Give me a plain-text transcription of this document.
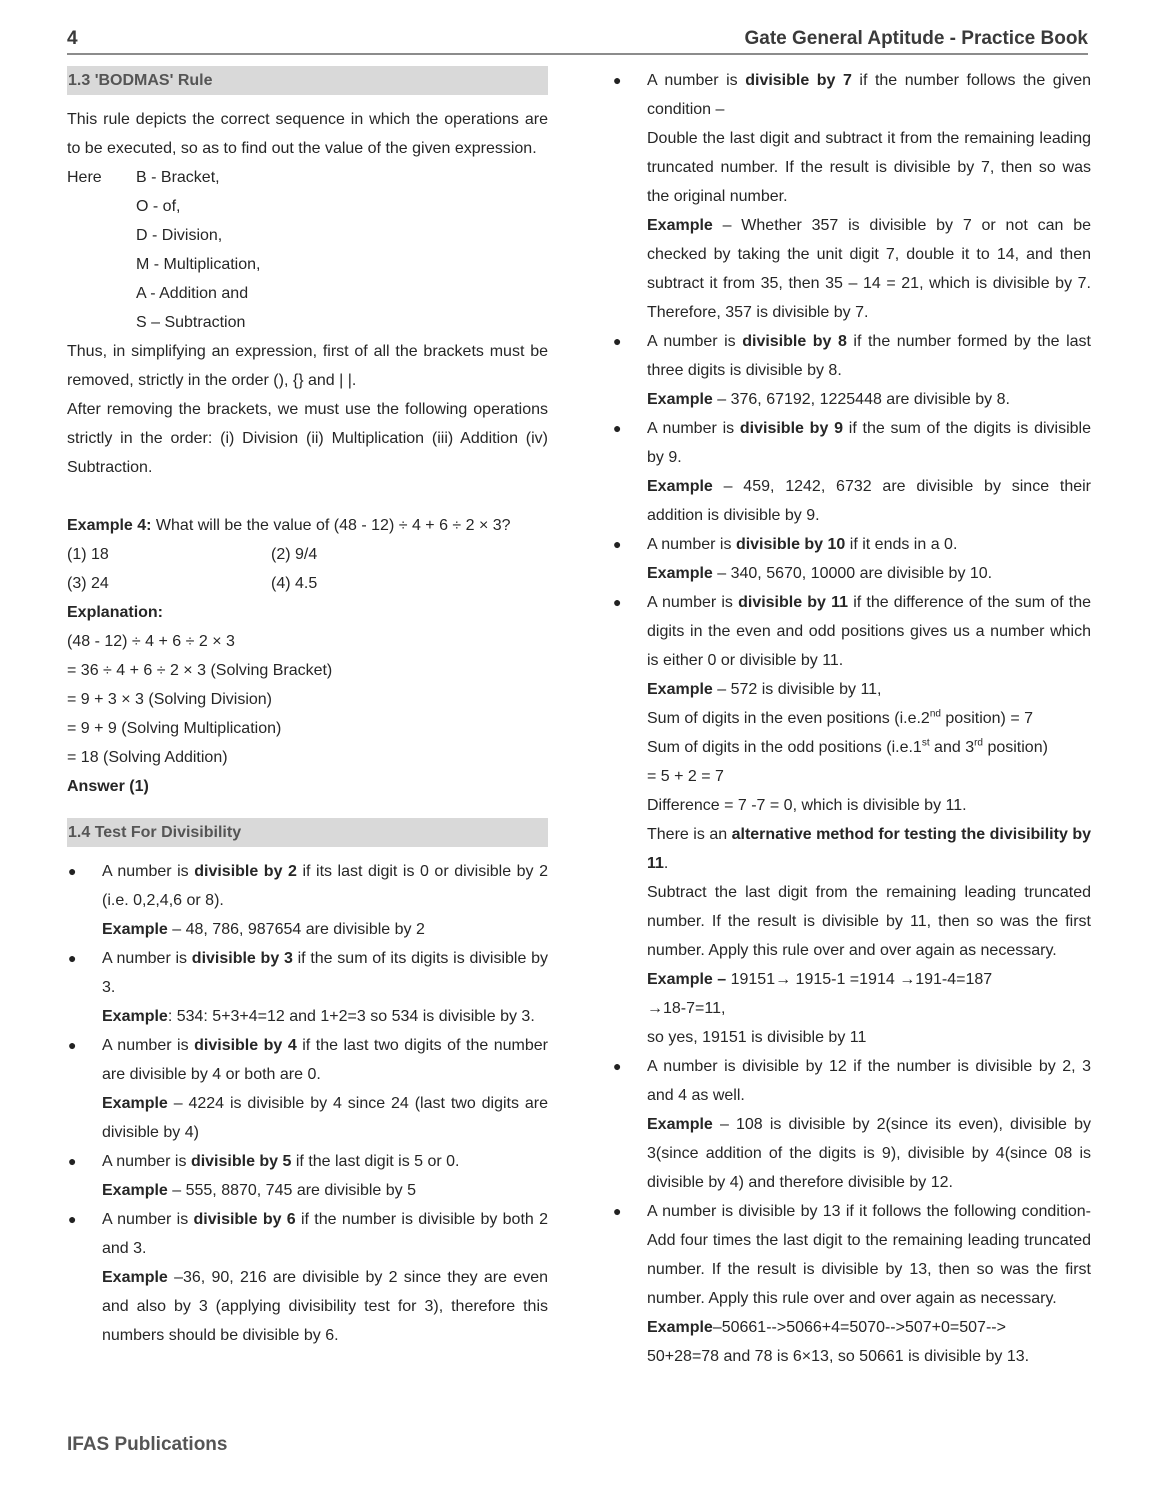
4	Gate General Aptitude - Practice Book
1.3 'BODMAS' Rule

This rule depicts the correct sequence in which the operations are to be executed, so as to find out the value of the given expression.

Here	B - Bracket,
O - of,
D - Division,
M - Multiplication,
A - Addition and
S – Subtraction

Thus, in simplifying an expression, first of all the brackets must be removed, strictly in the order (), {} and | |.

After removing the brackets, we must use the following operations strictly in the order: (i) Division (ii) Multiplication (iii) Addition (iv) Subtraction.

Example 4: What will be the value of (48 - 12) ÷ 4 + 6 ÷ 2 × 3?

(1) 18	(2) 9/4
(3) 24	(4) 4.5
Explanation:
(48 - 12) ÷ 4 + 6 ÷ 2 × 3
= 36 ÷ 4 + 6 ÷ 2 × 3 (Solving Bracket)
= 9 + 3 × 3 (Solving Division)
= 9 + 9 (Solving Multiplication)
= 18 (Solving Addition)
Answer (1)
1.4 Test For Divisibility
● A number is divisible by 2 if its last digit is 0 or divisible by 2 (i.e. 0,2,4,6 or 8).

Example – 48, 786, 987654 are divisible by 2

● A number is divisible by 3 if the sum of its digits is divisible by 3.

Example: 534: 5+3+4=12 and 1+2=3 so 534 is divisible by 3.

● A number is divisible by 4 if the last two digits of the number are divisible by 4 or both are 0.

Example – 4224 is divisible by 4 since 24 (last two digits are divisible by 4)

● A number is divisible by 5 if the last digit is 5 or 0.

Example – 555, 8870, 745 are divisible by 5

● A number is divisible by 6 if the number is divisible by both 2 and 3.

Example –36, 90, 216 are divisible by 2 since they are even and also by 3 (applying divisibility test for 3), therefore this numbers should be divisible by 6.

● A number is divisible by 7 if the number follows the given condition –

Double the last digit and subtract it from the remaining leading truncated number. If the result is divisible by 7, then so was the original number.

Example – Whether 357 is divisible by 7 or not can be checked by taking the unit digit 7, double it to 14, and then subtract it from 35, then 35 – 14 = 21, which is divisible by 7. Therefore, 357 is divisible by 7.

● A number is divisible by 8 if the number formed by the last three digits is divisible by 8.

Example – 376, 67192, 1225448 are divisible by 8.

● A number is divisible by 9 if the sum of the digits is divisible by 9.

Example – 459, 1242, 6732 are divisible by since their addition is divisible by 9.

● A number is divisible by 10 if it ends in a 0.

Example – 340, 5670, 10000 are divisible by 10.

● A number is divisible by 11 if the difference of the sum of the digits in the even and odd positions gives us a number which is either 0 or divisible by 11.

Example – 572 is divisible by 11,

Sum of digits in the even positions (i.e.2nd position) = 7

Sum of digits in the odd positions (i.e.1st and 3rd position)

= 5 + 2 = 7

Difference = 7 -7 = 0, which is divisible by 11.

There is an alternative method for testing the divisibility by 11.

Subtract the last digit from the remaining leading truncated number. If the result is divisible by 11, then so was the first number. Apply this rule over and over again as necessary.

Example – 19151→ 1915-1 =1914 →191-4=187

→18-7=11,

so yes, 19151 is divisible by 11

● A number is divisible by 12 if the number is divisible by 2, 3 and 4 as well.

Example – 108 is divisible by 2(since its even), divisible by 3(since addition of the digits is 9), divisible by 4(since 08 is divisible by 4) and therefore divisible by 12.

● A number is divisible by 13 if it follows the following condition- Add four times the last digit to the remaining leading truncated number. If the result is divisible by 13, then so was the first number. Apply this rule over and over again as necessary.

Example–50661-->5066+4=5070-->507+0=507-->

50+28=78 and 78 is 6×13, so 50661 is divisible by 13.

IFAS Publications
